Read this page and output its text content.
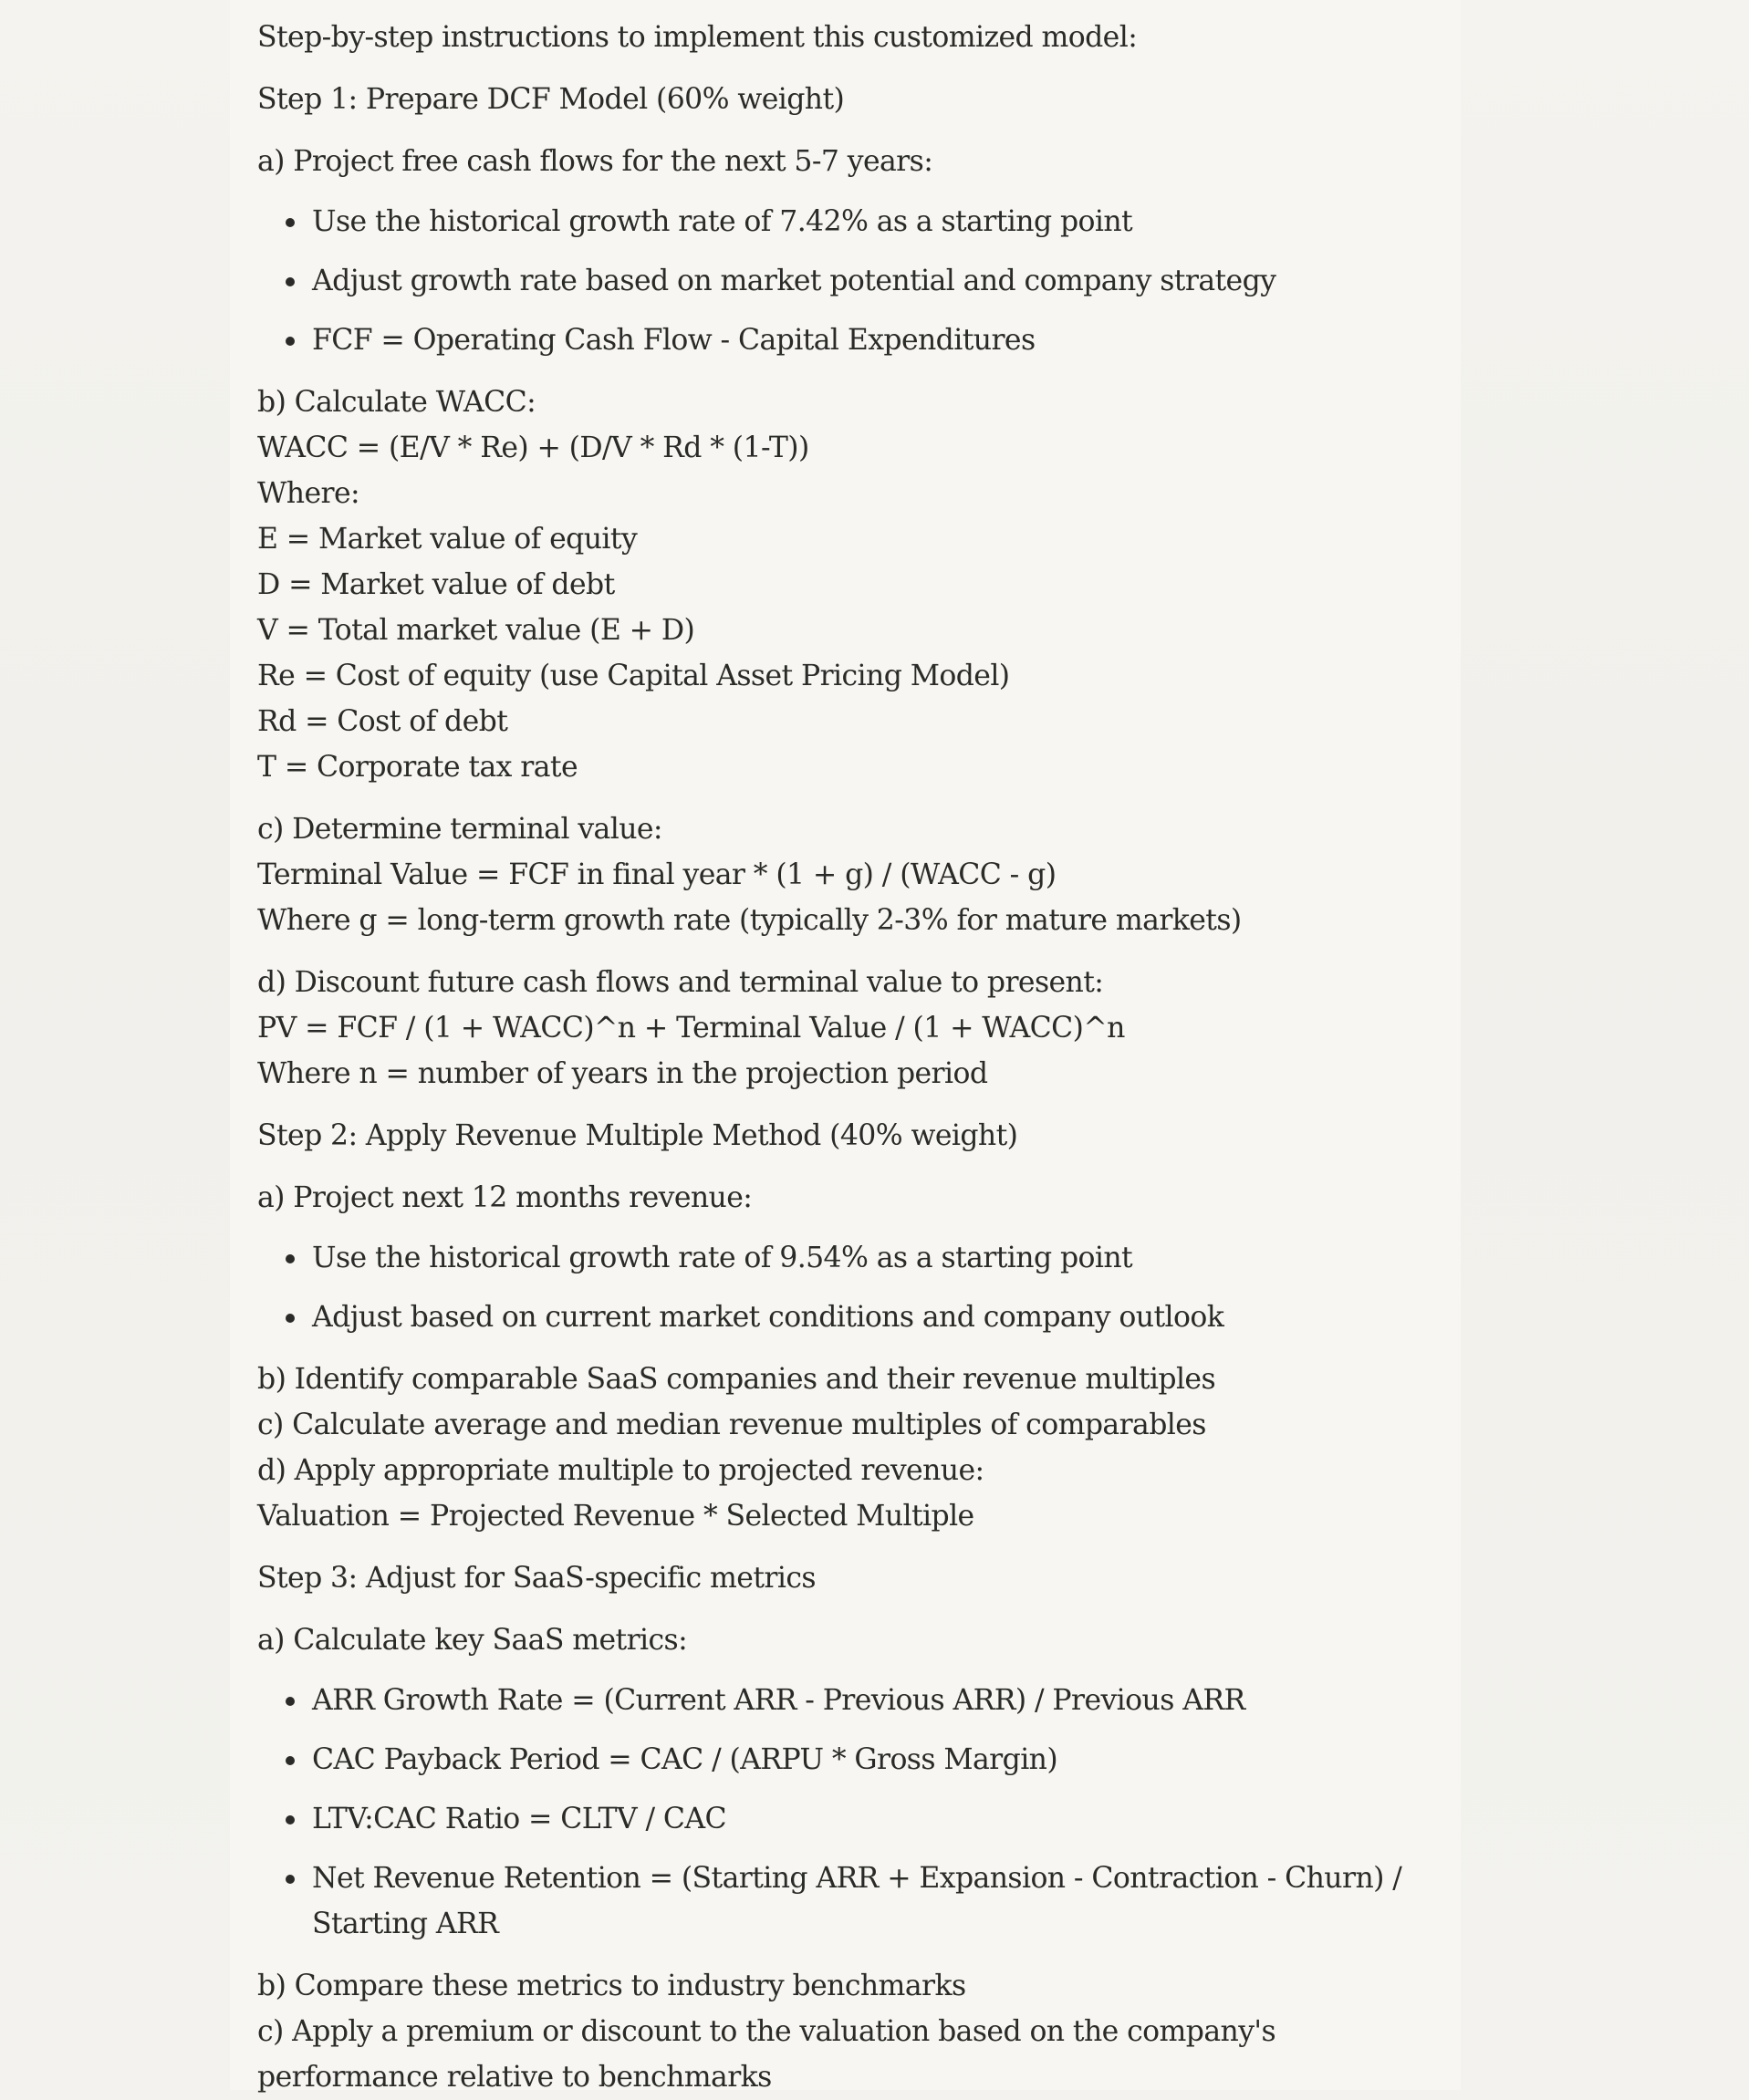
Step-by-step instructions to implement this customized model:

Step 1: Prepare DCF Model (60% weight)

a) Project free cash flows for the next 5-7 years:

Use the historical growth rate of 7.42% as a starting point
Adjust growth rate based on market potential and company strategy
FCF = Operating Cash Flow - Capital Expenditures

b) Calculate WACC:
WACC = (E/V * Re) + (D/V * Rd * (1-T))
Where:
E = Market value of equity
D = Market value of debt
V = Total market value (E + D)
Re = Cost of equity (use Capital Asset Pricing Model)
Rd = Cost of debt
T = Corporate tax rate

c) Determine terminal value:
Terminal Value = FCF in final year * (1 + g) / (WACC - g)
Where g = long-term growth rate (typically 2-3% for mature markets)

d) Discount future cash flows and terminal value to present:
PV = FCF / (1 + WACC)^n + Terminal Value / (1 + WACC)^n
Where n = number of years in the projection period

Step 2: Apply Revenue Multiple Method (40% weight)

a) Project next 12 months revenue:

Use the historical growth rate of 9.54% as a starting point
Adjust based on current market conditions and company outlook

b) Identify comparable SaaS companies and their revenue multiples
c) Calculate average and median revenue multiples of comparables
d) Apply appropriate multiple to projected revenue:
Valuation = Projected Revenue * Selected Multiple

Step 3: Adjust for SaaS-specific metrics

a) Calculate key SaaS metrics:

ARR Growth Rate = (Current ARR - Previous ARR) / Previous ARR
CAC Payback Period = CAC / (ARPU * Gross Margin)
LTV:CAC Ratio = CLTV / CAC
Net Revenue Retention = (Starting ARR + Expansion - Contraction - Churn) / Starting ARR

b) Compare these metrics to industry benchmarks
c) Apply a premium or discount to the valuation based on the company's performance relative to benchmarks
